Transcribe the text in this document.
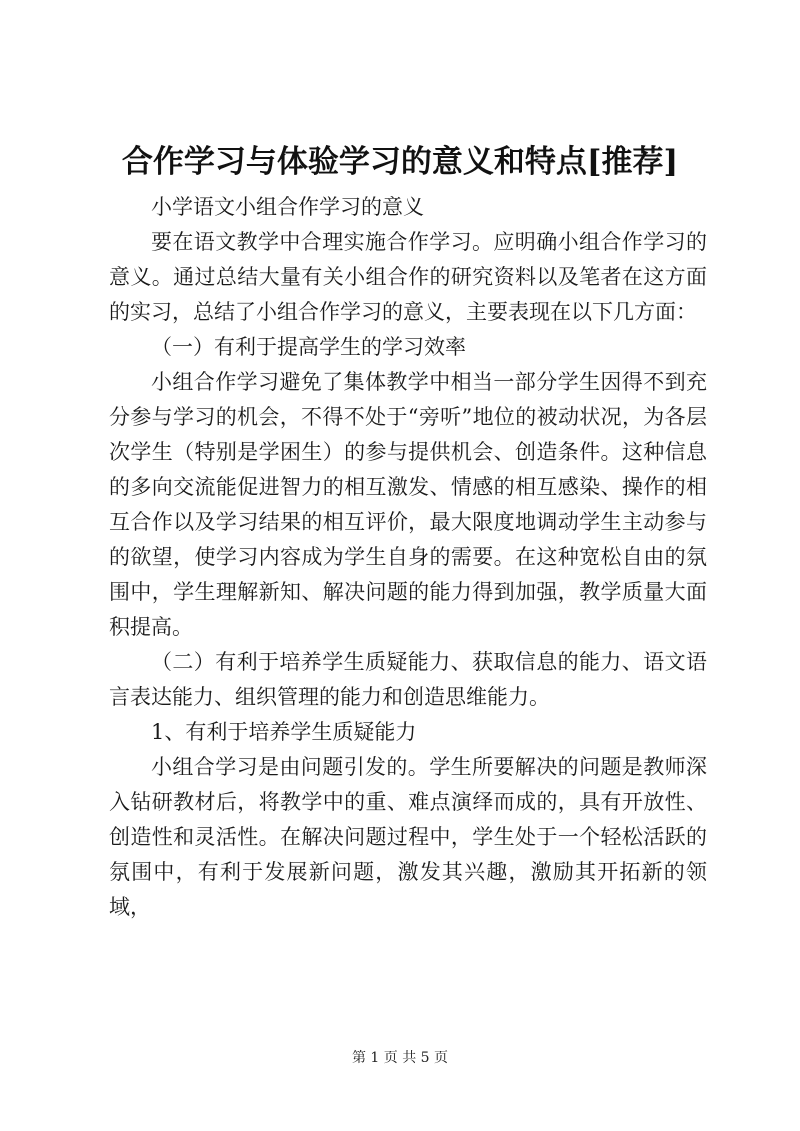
合作学习与体验学习的意义和特点[推荐]

小学语文小组合作学习的意义

要在语文教学中合理实施合作学习。应明确小组合作学习的意义。通过总结大量有关小组合作的研究资料以及笔者在这方面的实习，总结了小组合作学习的意义，主要表现在以下几方面：

（一）有利于提高学生的学习效率

小组合作学习避免了集体教学中相当一部分学生因得不到充分参与学习的机会，不得不处于“旁听”地位的被动状况，为各层次学生（特别是学困生）的参与提供机会、创造条件。这种信息的多向交流能促进智力的相互激发、情感的相互感染、操作的相互合作以及学习结果的相互评价，最大限度地调动学生主动参与的欲望，使学习内容成为学生自身的需要。在这种宽松自由的氛围中，学生理解新知、解决问题的能力得到加强，教学质量大面积提高。

（二）有利于培养学生质疑能力、获取信息的能力、语文语言表达能力、组织管理的能力和创造思维能力。

1、有利于培养学生质疑能力

小组合学习是由问题引发的。学生所要解决的问题是教师深入钻研教材后，将教学中的重、难点演绎而成的，具有开放性、创造性和灵活性。在解决问题过程中，学生处于一个轻松活跃的氛围中，有利于发展新问题，激发其兴趣，激励其开拓新的领域，

第 1 页 共 5 页
